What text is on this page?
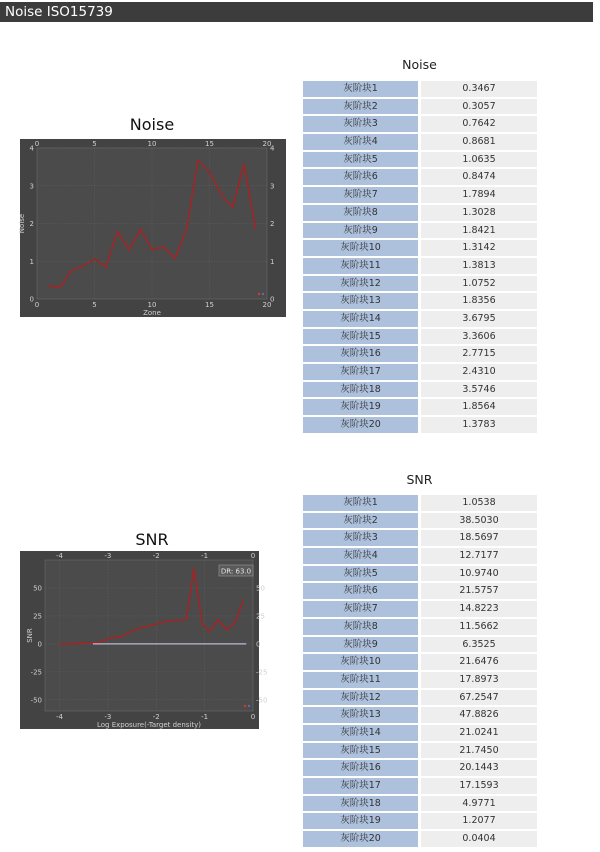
Noise ISO15739
Noise
Noise
0
0
5
5
10
10
15
15
20
20
0	0
1	1
2	2
3	3
4	4
Zone
Noise
灰阶块1	0.3467
灰阶块2	0.3057
灰阶块3	0.7642
灰阶块4	0.8681
灰阶块5	1.0635
灰阶块6	0.8474
灰阶块7	1.7894
灰阶块8	1.3028
灰阶块9	1.8421
灰阶块10	1.3142
灰阶块11	1.3813
灰阶块12	1.0752
灰阶块13	1.8356
灰阶块14	3.6795
灰阶块15	3.3606
灰阶块16	2.7715
灰阶块17	2.4310
灰阶块18	3.5746
灰阶块19	1.8564
灰阶块20	1.3783
SNR
SNR
-4
-4
-3
-3
-2
-2
-1
-1
0
0
-50	-50
-25	-25
0	0
25	25
50	50
Log Exposure(-Target density)
SNR
DR: 63.0
灰阶块1	1.0538
灰阶块2	38.5030
灰阶块3	18.5697
灰阶块4	12.7177
灰阶块5	10.9740
灰阶块6	21.5757
灰阶块7	14.8223
灰阶块8	11.5662
灰阶块9	6.3525
灰阶块10	21.6476
灰阶块11	17.8973
灰阶块12	67.2547
灰阶块13	47.8826
灰阶块14	21.0241
灰阶块15	21.7450
灰阶块16	20.1443
灰阶块17	17.1593
灰阶块18	4.9771
灰阶块19	1.2077
灰阶块20	0.0404
